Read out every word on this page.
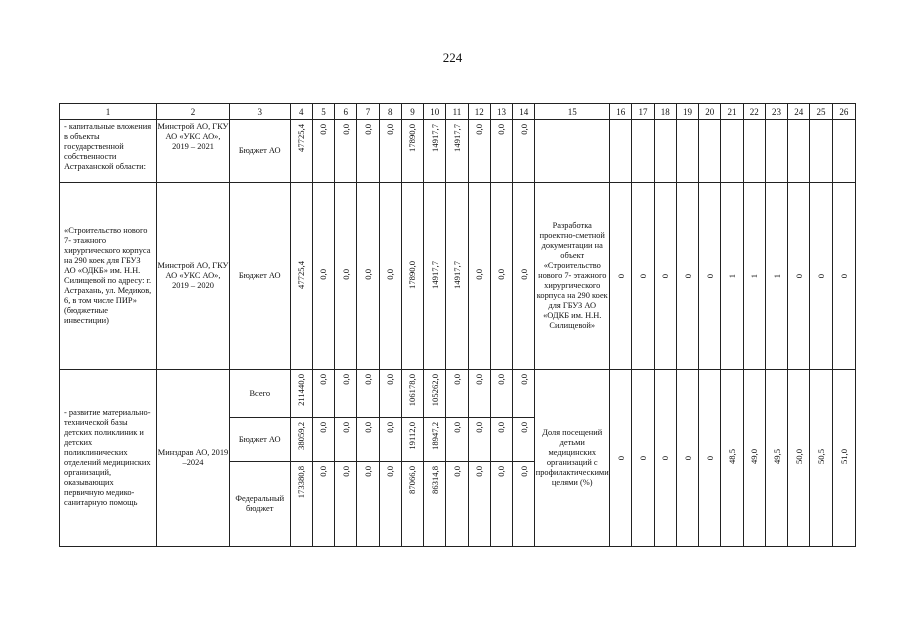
224
1	2	3	4	5	6	7	8	9	10	11	12	13	14	15	16	17	18	19	20	21	22	23	24	25	26
- капитальные вложения в объекты государственной собственности Астраханской области:	Минстрой АО, ГКУ АО «УКС АО», 2019 – 2021	Бюджет АО	47725,4	0,0	0,0	0,0	0,0	17890,0	14917,7	14917,7	0,0	0,0	0,0												
«Строительство нового 7- этажного хирургического корпуса на 290 коек для ГБУЗ АО «ОДКБ» им. Н.Н. Силищевой по адресу: г. Астрахань, ул. Медиков, 6, в том числе ПИР» (бюджетные инвестиции)	Минстрой АО, ГКУ АО «УКС АО», 2019 – 2020	Бюджет АО	47725,4	0,0	0,0	0,0	0,0	17890,0	14917,7	14917,7	0,0	0,0	0,0	Разработка проектно-сметной документации на объект «Строительство нового 7- этажного хирургического корпуса на 290 коек для ГБУЗ АО «ОДКБ им. Н.Н. Силищевой»	0	0	0	0	0	1	1	1	0	0	0
- развитие материально-технической базы детских поликлиник и детских поликлинических отделений медицинских организаций, оказывающих первичную медико-санитарную помощь	Минздрав АО, 2019 –2024	Всего	211440,0	0,0	0,0	0,0	0,0	106178,0	105262,0	0,0	0,0	0,0	0,0	Доля посещений детьми медицинских организаций с профилактическими целями (%)	0	0	0	0	0	48,5	49,0	49,5	50,0	50,5	51,0
		Бюджет АО	38059,2	0,0	0,0	0,0	0,0	19112,0	18947,2	0,0	0,0	0,0	0,0												
		Федеральный бюджет	173380,8	0,0	0,0	0,0	0,0	87066,0	86314,8	0,0	0,0	0,0	0,0												
